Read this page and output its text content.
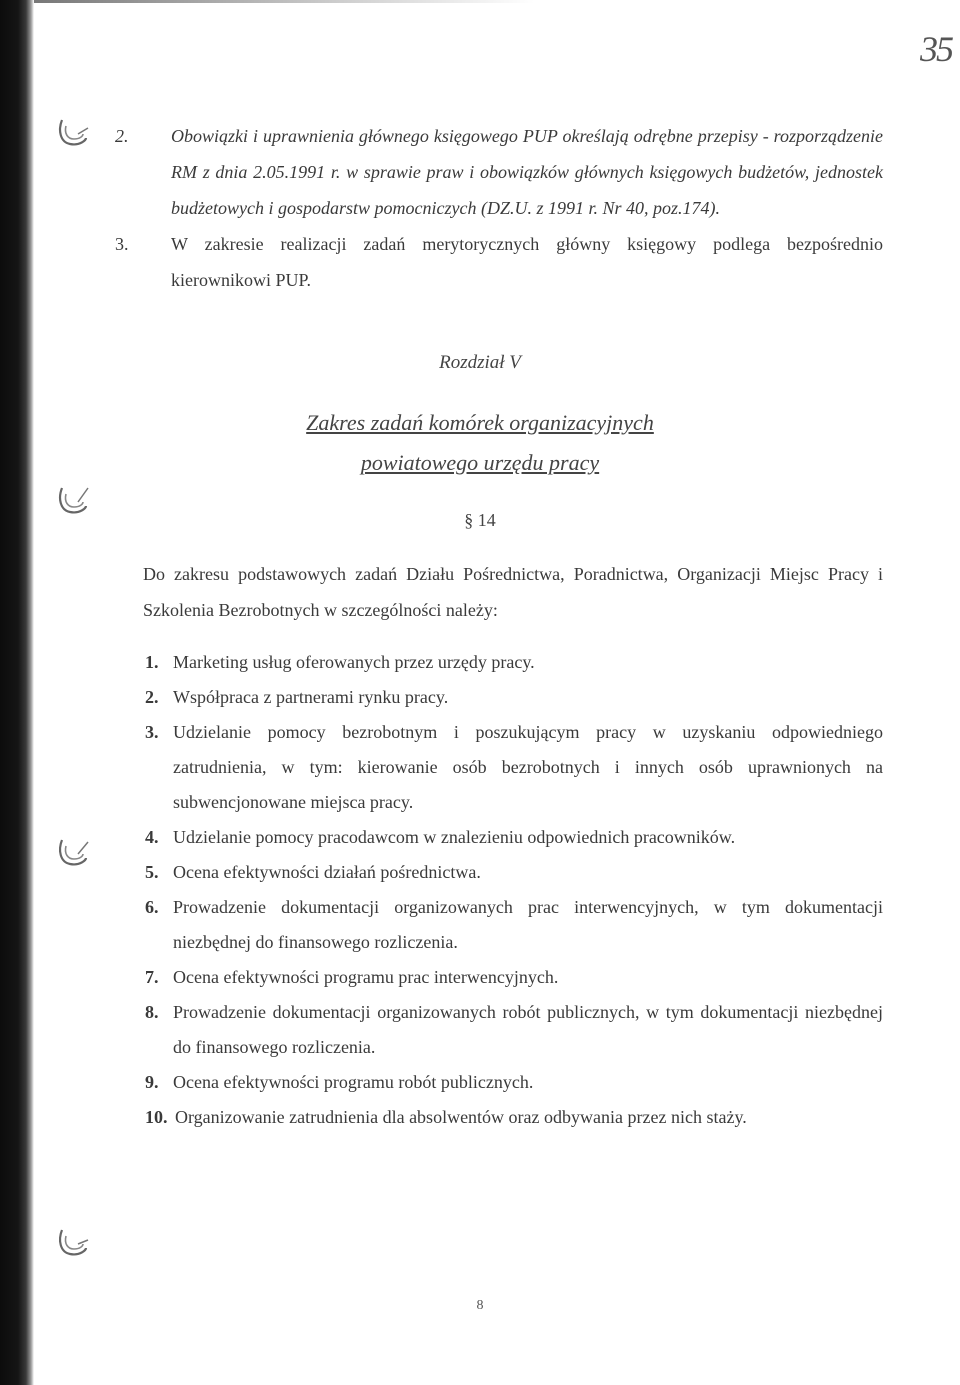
35

2. Obowiązki i uprawnienia głównego księgowego PUP określają odrębne przepisy - rozporządzenie RM z dnia 2.05.1991 r. w sprawie praw i obowiązków głównych księgowych budżetów, jednostek budżetowych i gospodarstw pomocniczych (DZ.U. z 1991 r. Nr 40, poz.174).

3. W zakresie realizacji zadań merytorycznych główny księgowy podlega bezpośrednio kierownikowi PUP.

Rozdział V
Zakres zadań komórek organizacyjnych
powiatowego urzędu pracy
§ 14

Do zakresu podstawowych zadań Działu Pośrednictwa, Poradnictwa, Organizacji Miejsc Pracy i Szkolenia Bezrobotnych w szczególności należy:

1. Marketing usług oferowanych przez urzędy pracy.
2. Współpraca z partnerami rynku pracy.
3. Udzielanie pomocy bezrobotnym i poszukującym pracy w uzyskaniu odpowiedniego zatrudnienia, w tym: kierowanie osób bezrobotnych i innych osób uprawnionych na subwencjonowane miejsca pracy.
4. Udzielanie pomocy pracodawcom w znalezieniu odpowiednich pracowników.
5. Ocena efektywności działań pośrednictwa.
6. Prowadzenie dokumentacji organizowanych prac interwencyjnych, w tym dokumentacji niezbędnej do finansowego rozliczenia.
7. Ocena efektywności programu prac interwencyjnych.
8. Prowadzenie dokumentacji organizowanych robót publicznych, w tym dokumentacji niezbędnej do finansowego rozliczenia.
9. Ocena efektywności programu robót publicznych.
10. Organizowanie zatrudnienia dla absolwentów oraz odbywania przez nich staży.
8
